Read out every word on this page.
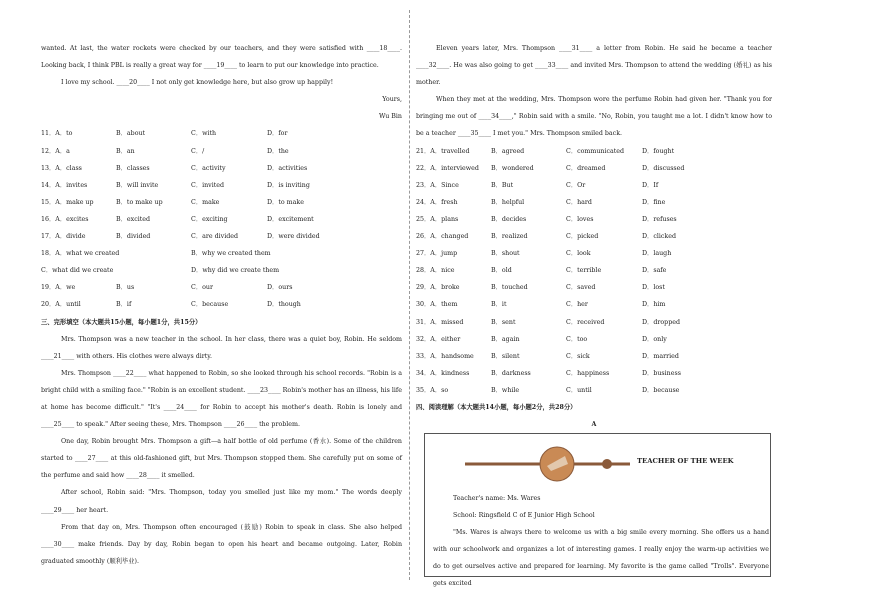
wanted. At last, the water rockets were checked by our teachers, and they were satisfied with ____18____. Looking back, I think PBL is really a great way for ____19____ to learn to put our knowledge into practice.

I love my school. ____20____ I not only get knowledge here, but also grow up happily!

Yours,

Wu Bin

11．A．to	B．about	C．with	D．for
12．A．a	B．an	C．/	D．the
13．A．class	B．classes	C．activity	D．activities
14．A．invites	B．will invite	C．invited	D．is inviting
15．A．make up	B．to make up	C．make	D．to make
16．A．excites	B．excited	C．exciting	D．excitement
17．A．divide	B．divided	C．are divided	D．were divided
18．A．what we created	B．why we created them
C．what did we create	D．why did we create them
19．A．we	B．us	C．our	D．ours
20．A．until	B．if	C．because	D．though

三、完形填空（本大题共15小题，每小题1分，共15分）

Mrs. Thompson was a new teacher in the school. In her class, there was a quiet boy, Robin. He seldom ____21____ with others. His clothes were always dirty.

Mrs. Thompson ____22____ what happened to Robin, so she looked through his school records. "Robin is a bright child with a smiling face." "Robin is an excellent student. ____23____ Robin's mother has an illness, his life at home has become difficult." "It's ____24____ for Robin to accept his mother's death. Robin is lonely and ____25____ to speak." After seeing these, Mrs. Thompson ____26____ the problem.

One day, Robin brought Mrs. Thompson a gift—a half bottle of old perfume (香水). Some of the children started to ____27____ at this old-fashioned gift, but Mrs. Thompson stopped them. She carefully put on some of the perfume and said how ____28____ it smelled.

After school, Robin said: "Mrs. Thompson, today you smelled just like my mom." The words deeply ____29____ her heart.

From that day on, Mrs. Thompson often encouraged (鼓励) Robin to speak in class. She also helped ____30____ make friends. Day by day, Robin began to open his heart and became outgoing. Later, Robin graduated smoothly (顺利毕业).

Eleven years later, Mrs. Thompson ____31____ a letter from Robin. He said he became a teacher ____32____. He was also going to get ____33____ and invited Mrs. Thompson to attend the wedding (婚礼) as his mother.

When they met at the wedding, Mrs. Thompson wore the perfume Robin had given her. "Thank you for bringing me out of ____34____," Robin said with a smile. "No, Robin, you taught me a lot. I didn't know how to be a teacher ____35____ I met you." Mrs. Thompson smiled back.

21．A．travelled	B．agreed	C．communicated	D．fought
22．A．interviewed	B．wondered	C．dreamed	D．discussed
23．A．Since	B．But	C．Or	D．If
24．A．fresh	B．helpful	C．hard	D．fine
25．A．plans	B．decides	C．loves	D．refuses
26．A．changed	B．realized	C．picked	D．clicked
27．A．jump	B．shout	C．look	D．laugh
28．A．nice	B．old	C．terrible	D．safe
29．A．broke	B．touched	C．saved	D．lost
30．A．them	B．it	C．her	D．him
31．A．missed	B．sent	C．received	D．dropped
32．A．either	B．again	C．too	D．only
33．A．handsome	B．silent	C．sick	D．married
34．A．kindness	B．darkness	C．happiness	D．business
35．A．so	B．while	C．until	D．because

四、阅读理解（本大题共14小题，每小题2分，共28分）

A

TEACHER OF THE WEEK

Teacher's name: Ms. Wares

School: Ringsfield C of E Junior High School

"Ms. Wares is always there to welcome us with a big smile every morning. She offers us a hand with our schoolwork and organizes a lot of interesting games. I really enjoy the warm-up activities we do to get ourselves active and prepared for learning. My favorite is the game called "Trolls". Everyone gets excited
